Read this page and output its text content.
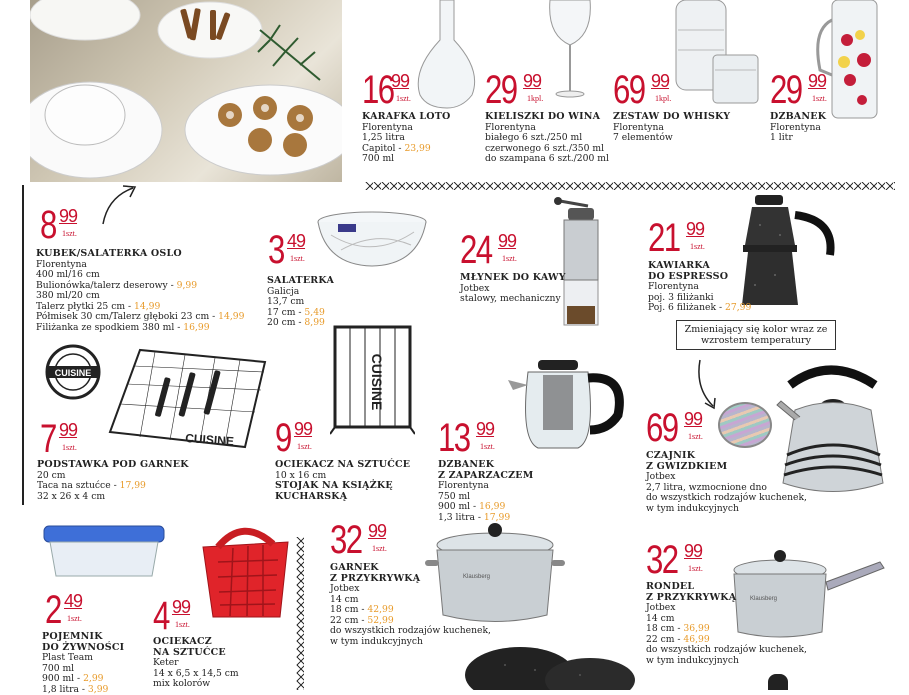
16
99
1szt.
KARAFKA LOTO
Florentyna
1,25 litra
Capitol - 23,99
700 ml
29 99
1kpl.
KIELISZKI DO WINA
Florentyna
białego 6 szt./250 ml
czerwonego 6 szt./350 ml
do szampana 6 szt./200 ml
69 99
1kpl.
ZESTAW DO WHISKY
Florentyna
7 elementów
29 99
1szt.
DZBANEK
Florentyna
1 litr
8 99
1szt.
KUBEK/SALATERKA OSLO
Florentyna
400 ml/16 cm
Bulionówka/talerz deserowy - 9,99
380 ml/20 cm
Talerz płytki 25 cm - 14,99
Półmisek 30 cm/Talerz głęboki 23 cm - 14,99
Filiżanka ze spodkiem 380 ml - 16,99
3 49
1szt.
SALATERKA
Galicja
13,7 cm
17 cm - 5,49
20 cm - 8,99
24 99
1szt.
MŁYNEK DO KAWY
Jotbex
stalowy, mechaniczny
21 99
1szt.
KAWIARKA
DO ESPRESSO
Florentyna
poj. 3 filiżanki
Poj. 6 filiżanek - 27,99
CUISINE
CUISINE
7 99
1szt.
PODSTAWKA POD GARNEK
20 cm
Taca na sztućce - 17,99
32 x 26 x 4 cm
CUISINE
9 99
1szt.
OCIEKACZ NA SZTUĆCE
10 x 16 cm
STOJAK NA KSIĄŻKĘ
KUCHARSKĄ
13 99
1szt.
DZBANEK
Z ZAPARZACZEM
Florentyna
750 ml
900 ml - 16,99
1,3 litra - 17,99
Zmieniający się kolor wraz ze wzrostem temperatury
69 99
1szt.
CZAJNIK
Z GWIZDKIEM
Jotbex
2,7 litra, wzmocnione dno
do wszystkich rodzajów kuchenek,
w tym indukcyjnych
2 49
1szt.
POJEMNIK
DO ŻYWNOŚCI
Plast Team
700 ml
900 ml - 2,99
1,8 litra - 3,99
4 99
1szt.
OCIEKACZ
NA SZTUĆCE
Keter
14 x 6,5 x 14,5 cm
mix kolorów
Klausberg
32 99
1szt.
GARNEK
Z PRZYKRYWKĄ
Jotbex
14 cm
18 cm - 42,99
22 cm - 52,99
do wszystkich rodzajów kuchenek,
w tym indukcyjnych
Klausberg
32 99
1szt.
RONDEL
Z PRZYKRYWKĄ
Jotbex
14 cm
18 cm - 36,99
22 cm - 46,99
do wszystkich rodzajów kuchenek,
w tym indukcyjnych
